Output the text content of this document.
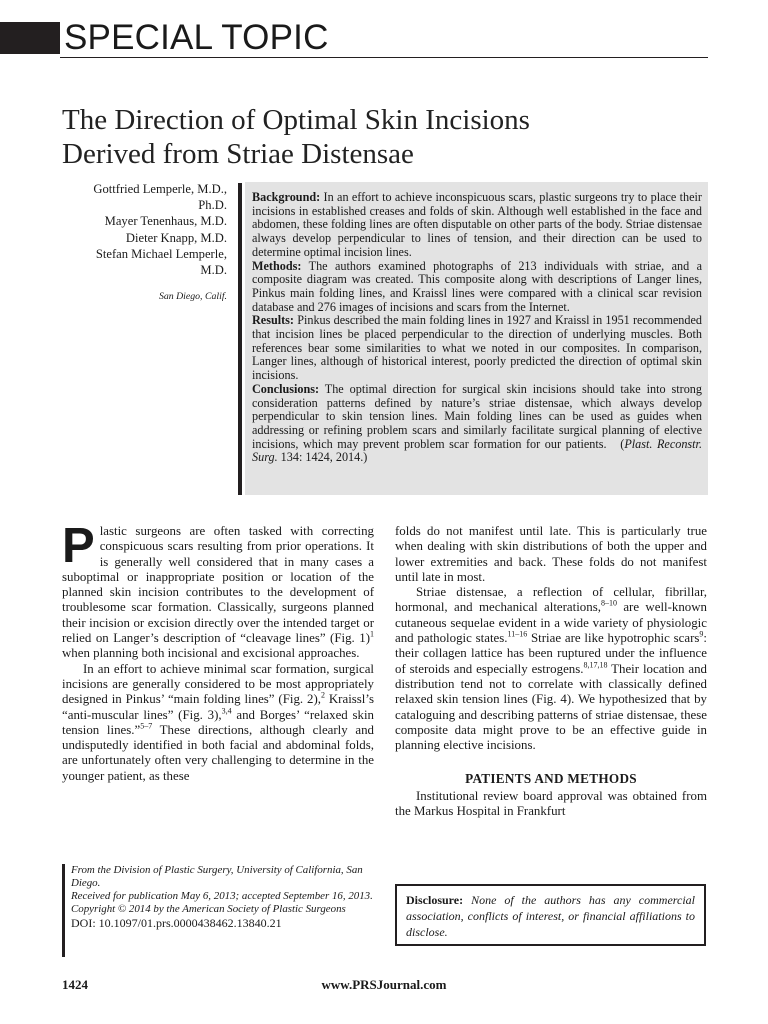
SPECIAL TOPIC
The Direction of Optimal Skin Incisions
Derived from Striae Distensae
Gottfried Lemperle, M.D.,
Ph.D.
Mayer Tenenhaus, M.D.
Dieter Knapp, M.D.
Stefan Michael Lemperle,
M.D.
San Diego, Calif.

Background: In an effort to achieve inconspicuous scars, plastic surgeons try to place their incisions in established creases and folds of skin. Although well established in the face and abdomen, these folding lines are often disputable on other parts of the body. Striae distensae always develop perpendicular to lines of tension, and their direction can be used to determine optimal incision lines.

Methods: The authors examined photographs of 213 individuals with striae, and a composite diagram was created. This composite along with descriptions of Langer lines, Pinkus main folding lines, and Kraissl lines were compared with a clinical scar revision database and 276 images of incisions and scars from the Internet.

Results: Pinkus described the main folding lines in 1927 and Kraissl in 1951 recommended that incision lines be placed perpendicular to the direction of underlying muscles. Both references bear some similarities to what we noted in our composites. In comparison, Langer lines, although of historical interest, poorly predicted the direction of optimal skin incisions.

Conclusions: The optimal direction for surgical skin incisions should take into strong consideration patterns defined by nature’s striae distensae, which always develop perpendicular to skin tension lines. Main folding lines can be used as guides when addressing or refining problem scars and similarly facilitate surgical planning of elective incisions, which may prevent problem scar formation for our patients. (Plast. Reconstr. Surg. 134: 1424, 2014.)

Plastic surgeons are often tasked with correcting conspicuous scars resulting from prior operations. It is generally well considered that in many cases a suboptimal or inappropriate position or location of the planned skin incision contributes to the development of troublesome scar formation. Classically, surgeons planned their incision or excision directly over the intended target or relied on Langer’s description of “cleavage lines” (Fig. 1)$^1$ when planning both incisional and excisional approaches.

In an effort to achieve minimal scar formation, surgical incisions are generally considered to be most appropriately designed in Pinkus’ “main folding lines” (Fig. 2),$^2$ Kraissl’s “anti-muscular lines” (Fig. 3),$^{3,4}$ and Borges’ “relaxed skin tension lines.”$^{5-7}$ These directions, although clearly and undisputedly identified in both facial and abdominal folds, are unfortunately often very challenging to determine in the younger patient, as these

folds do not manifest until late. This is particularly true when dealing with skin distributions of both the upper and lower extremities and back. These folds do not manifest until late in most.

Striae distensae, a reflection of cellular, fibrillar, hormonal, and mechanical alterations,$^{8-10}$ are well-known cutaneous sequelae evident in a wide variety of physiologic and pathologic states.$^{11-16}$ Striae are like hypotrophic scars$^9$: their collagen lattice has been ruptured under the influence of steroids and especially estrogens.$^{8,17,18}$ Their location and distribution tend not to correlate with classically defined relaxed skin tension lines (Fig. 4). We hypothesized that by cataloguing and describing patterns of striae distensae, these composite data might prove to be an effective guide in planning elective incisions.

PATIENTS AND METHODS

Institutional review board approval was obtained from the Markus Hospital in Frankfurt

From the Division of Plastic Surgery, University of California, San Diego.
Received for publication May 6, 2013; accepted September 16, 2013.
Copyright © 2014 by the American Society of Plastic Surgeons
DOI: 10.1097/01.prs.0000438462.13840.21
Disclosure: None of the authors has any commercial association, conflicts of interest, or financial affiliations to disclose.
1424	www.PRSJournal.com
